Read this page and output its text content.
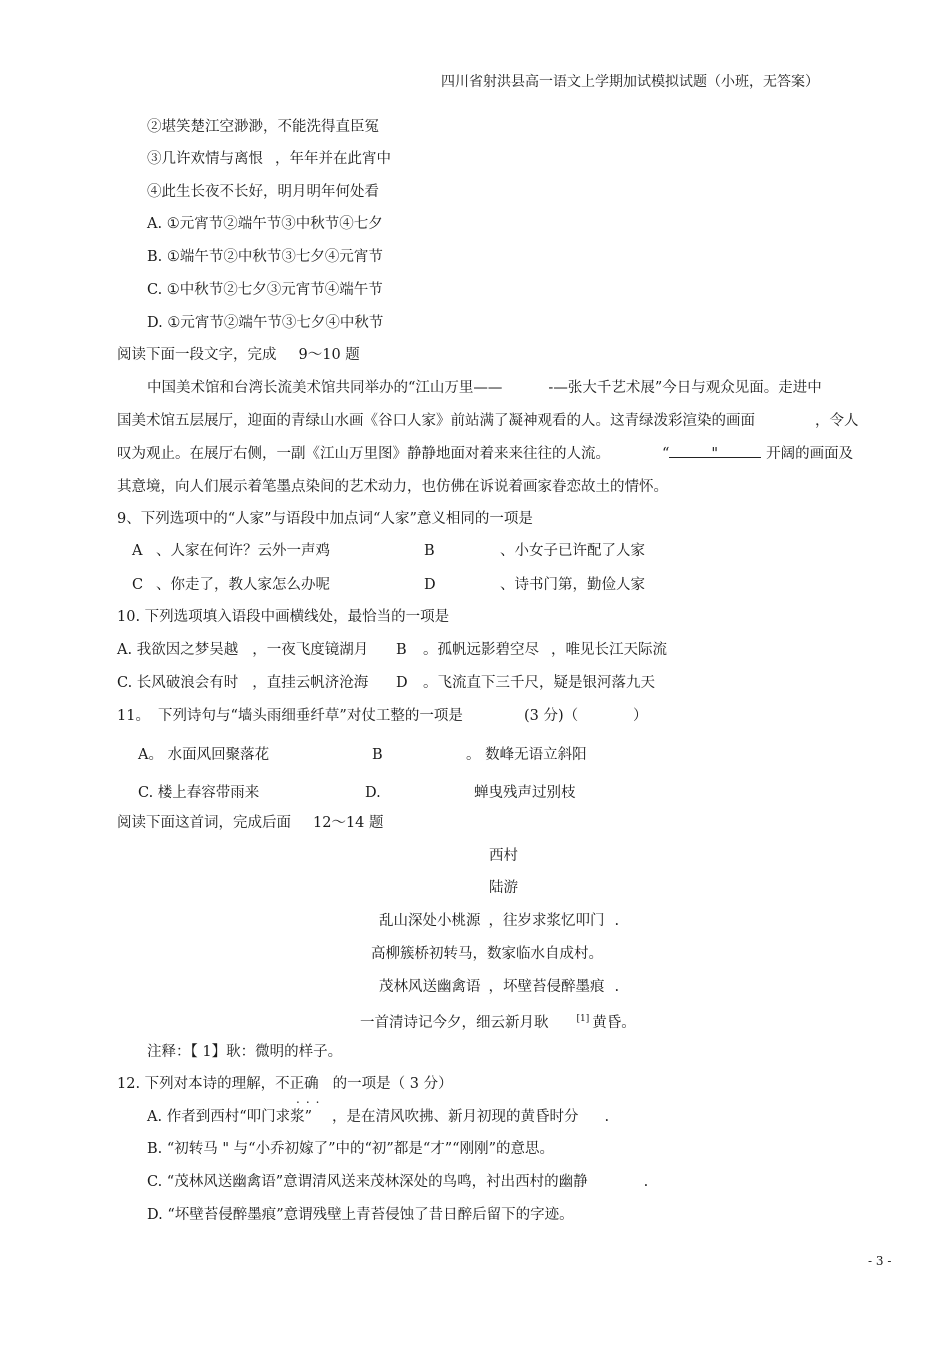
四川省射洪县高一语文上学期加试模拟试题（小班，无答案）
②堪笑楚江空渺渺，不能洗得直臣冤
③几许欢情与离恨 ，年年并在此宵中
④此生长夜不长好，明月明年何处看
A. ①元宵节②端午节③中秋节④七夕
B. ①端午节②中秋节③七夕④元宵节
C. ①中秋节②七夕③元宵节④端午节
D. ①元宵节②端午节③七夕④中秋节
阅读下面一段文字，完成 9～10 题
中国美术馆和台湾长流美术馆共同举办的“江山万里——	-—张大千艺术展”今日与观众见面。走进中
国美术馆五层展厅，迎面的青绿山水画《谷口人家》前站满了凝神观看的人。这青绿泼彩渲染的画面	，令人
叹为观止。在展厅右侧，一副《江山万里图》静静地面对着来来往往的人流。	“	"	开阔的画面及
其意境，向人们展示着笔墨点染间的艺术动力，也仿佛在诉说着画家眷恋故土的情怀。
9、下列选项中的“人家”与语段中加点词“人家”意义相同的一项是
A 、人家在何许？云外一声鸡	B	、小女子已许配了人家
C 、你走了，教人家怎么办呢	D	、诗书门第，勤俭人家
10. 下列选项填入语段中画横线处，最恰当的一项是
A. 我欲因之梦吴越 ，一夜飞度镜湖月 B 。孤帆远影碧空尽 ，唯见长江天际流
C. 长风破浪会有时 ，直挂云帆济沧海 D 。飞流直下三千尺，疑是银河落九天
11。 下列诗句与“墙头雨细垂纤草”对仗工整的一项是	(3 分)（	）
A。 水面风回聚落花	B	。 数峰无语立斜阳
C. 楼上春容带雨来	D.	蝉曳残声过别枝
阅读下面这首词，完成后面 12～14 题
西村
陆游
乱山深处小桃源 ，往岁求浆忆叩门 .
高柳簇桥初转马，数家临水自成村。
茂林风送幽禽语 ，坏壁苔侵醉墨痕 .
一首清诗记今夕，细云新月耿	[1] 黄昏。
注释：【 1】耿：微明的样子。
12. 下列对本诗的理解，不正确 的一项是（ 3 分）
...
A. 作者到西村“叩门求浆” ，是在清风吹拂、新月初现的黄昏时分 .
B. “初转马 " 与“小乔初嫁了”中的“初”都是“才”“刚刚”的意思。
C. “茂林风送幽禽语”意谓清风送来茂林深处的鸟鸣，衬出西村的幽静	.
D. “坏壁苔侵醉墨痕”意谓残壁上青苔侵蚀了昔日醉后留下的字迹。
- 3 -
